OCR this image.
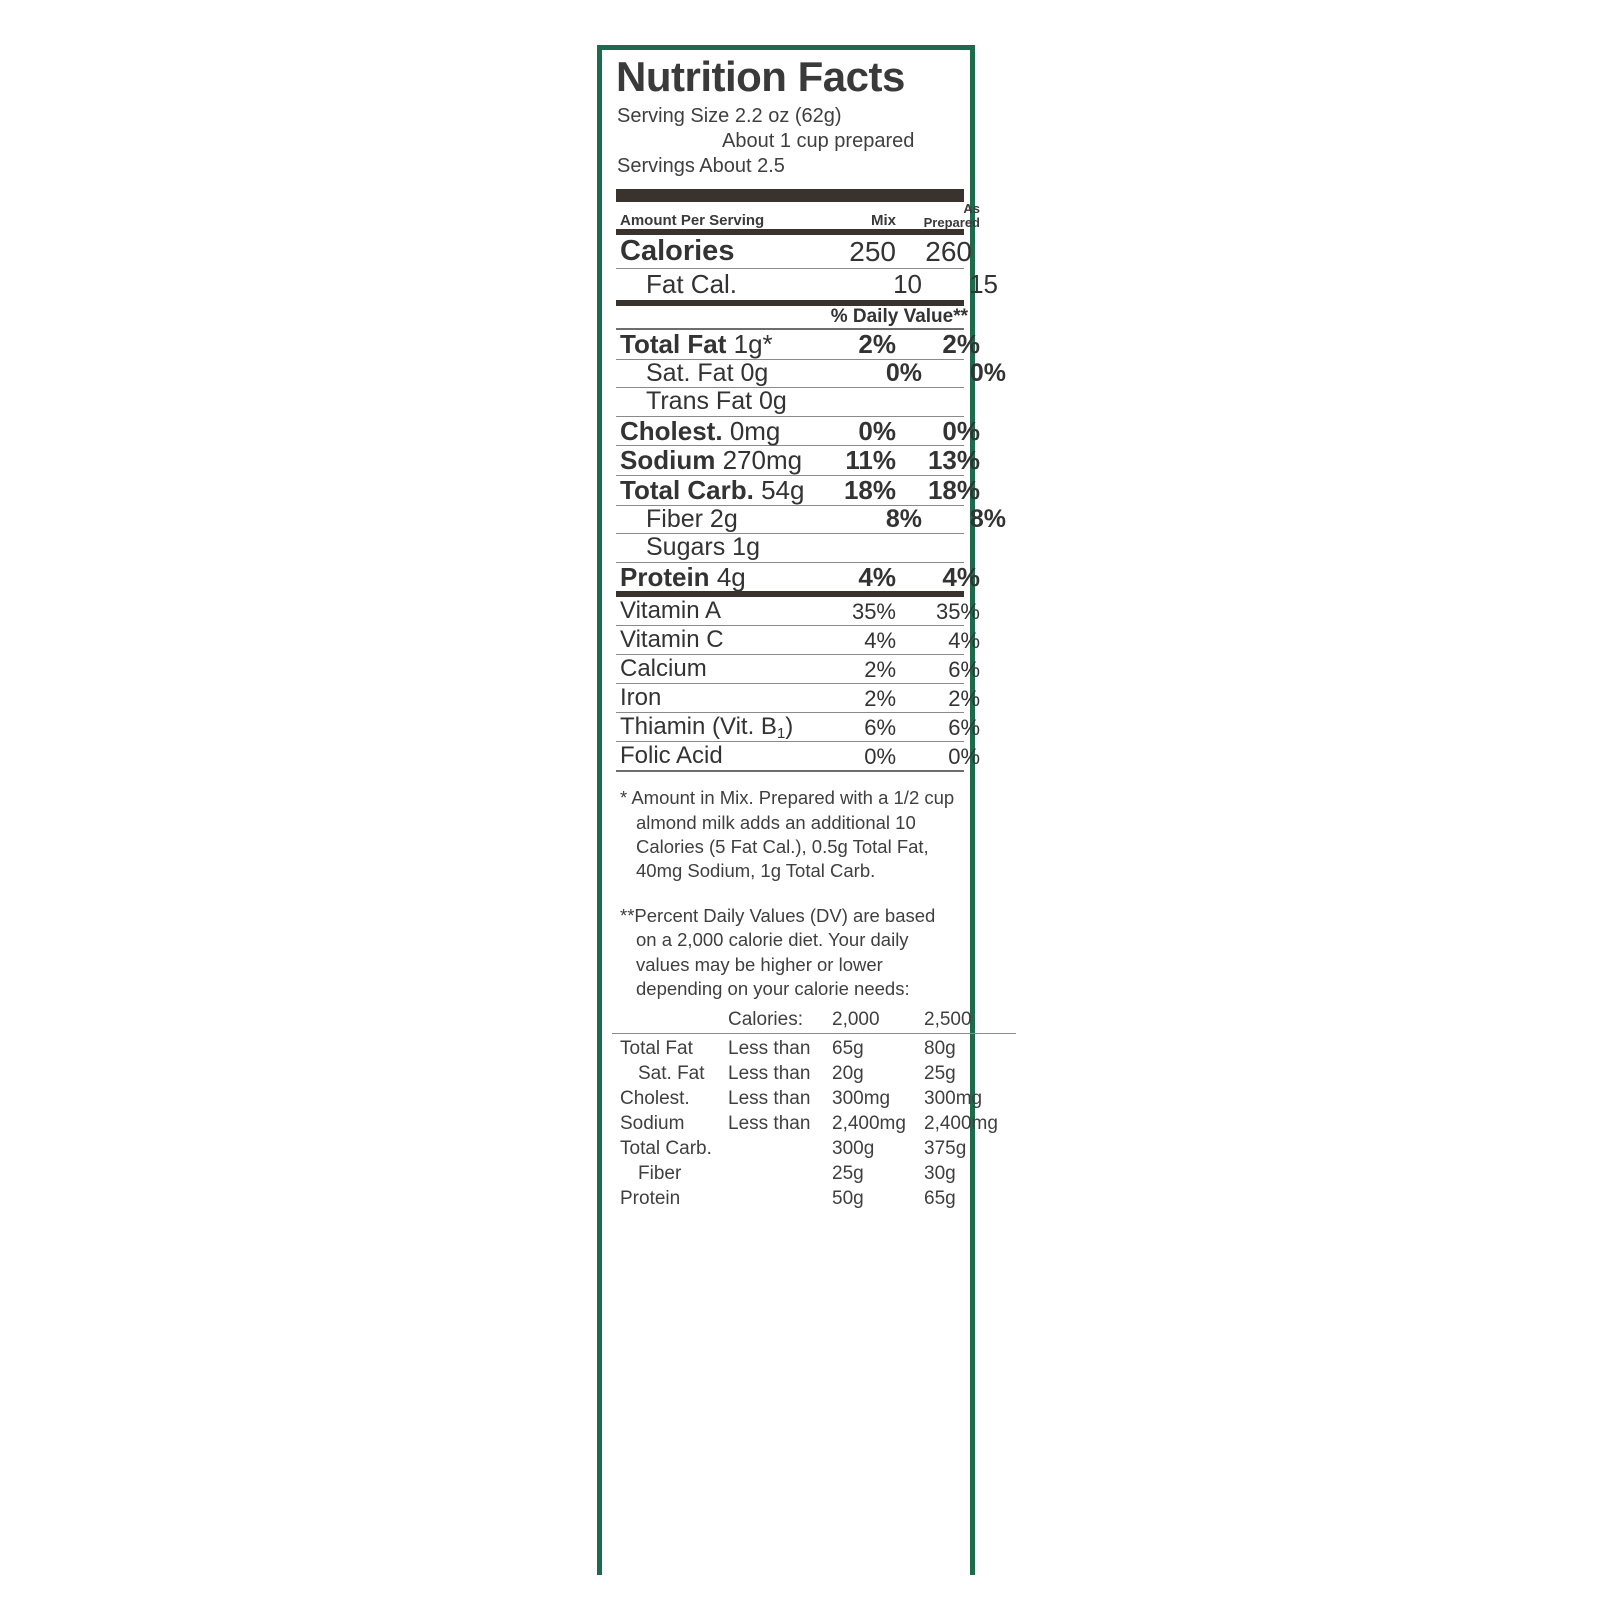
Nutrition Facts
Serving Size 2.2 oz (62g)
About 1 cup prepared
Servings About 2.5
Amount Per Serving	Mix	
As
Prepared
Calories	250	260
Fat Cal.	10	15
% Daily Value**
Total Fat 1g*	2%	2%
Sat. Fat 0g	0%	0%
Trans Fat 0g		
Cholest. 0mg	0%	0%
Sodium 270mg	11%	13%
Total Carb. 54g	18%	18%
Fiber 2g	8%	8%
Sugars 1g		
Protein 4g	4%	4%
Vitamin A	35%	35%
Vitamin C	4%	4%
Calcium	2%	6%
Iron	2%	2%
Thiamin (Vit. $B_1$)	6%	6%
Folic Acid	0%	0%
* Amount in Mix. Prepared with a 1/2 cup almond milk adds an additional 10 Calories (5 Fat Cal.), 0.5g Total Fat, 40mg Sodium, 1g Total Carb.
**Percent Daily Values (DV) are based on a 2,000 calorie diet. Your daily values may be higher or lower depending on your calorie needs:
	Calories:	2,000	2,500

Total Fat	Less than	65g	80g
Sat. Fat	Less than	20g	25g
Cholest.	Less than	300mg	300mg
Sodium	Less than	2,400mg	2,400mg
Total Carb.		300g	375g
Fiber		25g	30g
Protein		50g	65g
